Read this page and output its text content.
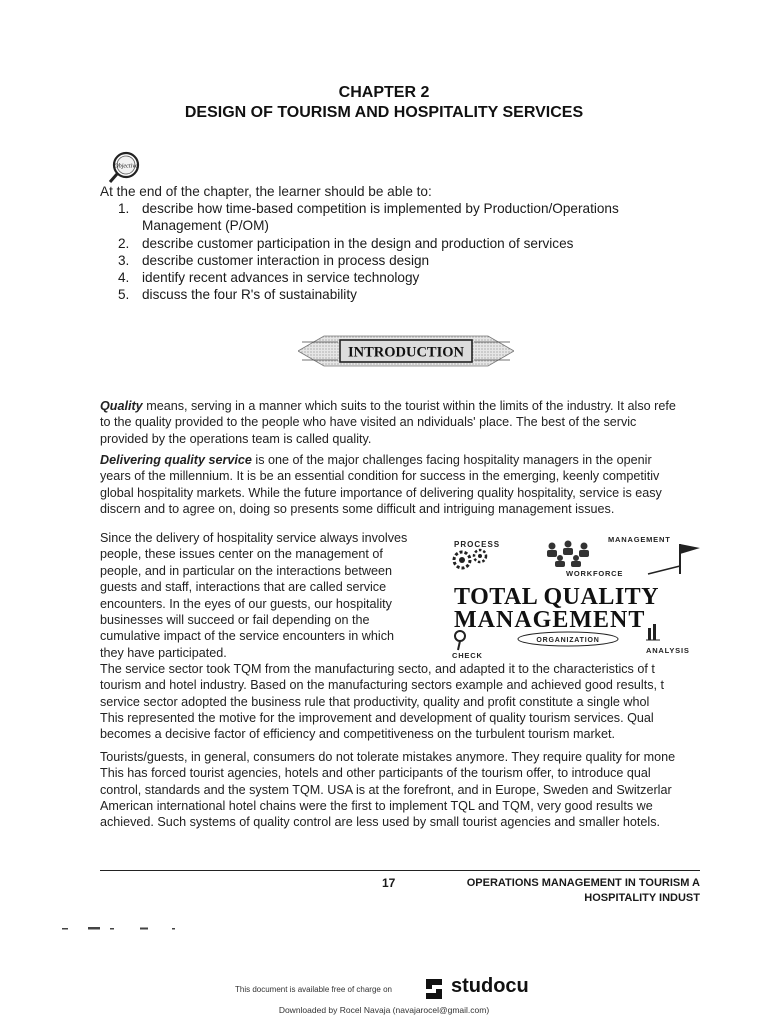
CHAPTER 2
DESIGN OF TOURISM AND HOSPITALITY SERVICES
Objective
At the end of the chapter, the learner should be able to:
1. describe how time-based competition is implemented by Production/Operations
Management (P/OM)
2. describe customer participation in the design and production of services
3. describe customer interaction in process design
4. identify recent advances in service technology
5. discuss the four R's of sustainability
INTRODUCTION
Quality means, serving in a manner which suits to the tourist within the limits of the industry. It also refe
to the quality provided to the people who have visited an ndividuals' place. The best of the servic
provided by the operations team is called quality.
Delivering quality service is one of the major challenges facing hospitality managers in the openir
years of the millennium. It is be an essential condition for success in the emerging, keenly competitiv
global hospitality markets. While the future importance of delivering quality hospitality, service is easy
discern and to agree on, doing so presents some difficult and intriguing management issues.
Since the delivery of hospitality service always involves
people, these issues center on the management of
people, and in particular on the interactions between
guests and staff, interactions that are called service
encounters. In the eyes of our guests, our hospitality
businesses will succeed or fail depending on the
cumulative impact of the service encounters in which
they have participated.
PROCESS
MANAGEMENT
WORKFORCE
TOTAL QUALITY
MANAGEMENT
ORGANIZATION
CHECK
ANALYSIS
The service sector took TQM from the manufacturing secto, and adapted it to the characteristics of t
tourism and hotel industry. Based on the manufacturing sectors example and achieved good results, t
service sector adopted the business rule that productivity, quality and profit constitute a single whol
This represented the motive for the improvement and development of quality tourism services. Qual
becomes a decisive factor of efficiency and competitiveness on the turbulent tourism market.
Tourists/guests, in general, consumers do not tolerate mistakes anymore. They require quality for mone
This has forced tourist agencies, hotels and other participants of the tourism offer, to introduce qual
control, standards and the system TQM. USA is at the forefront, and in Europe, Sweden and Switzerlar
American international hotel chains were the first to implement TQL and TQM, very good results we
achieved. Such systems of quality control are less used by small tourist agencies and smaller hotels.
17	OPERATIONS MANAGEMENT IN TOURISM A
HOSPITALITY INDUST
This document is available free of charge on	studocu
Downloaded by Rocel Navaja (navajarocel@gmail.com)
